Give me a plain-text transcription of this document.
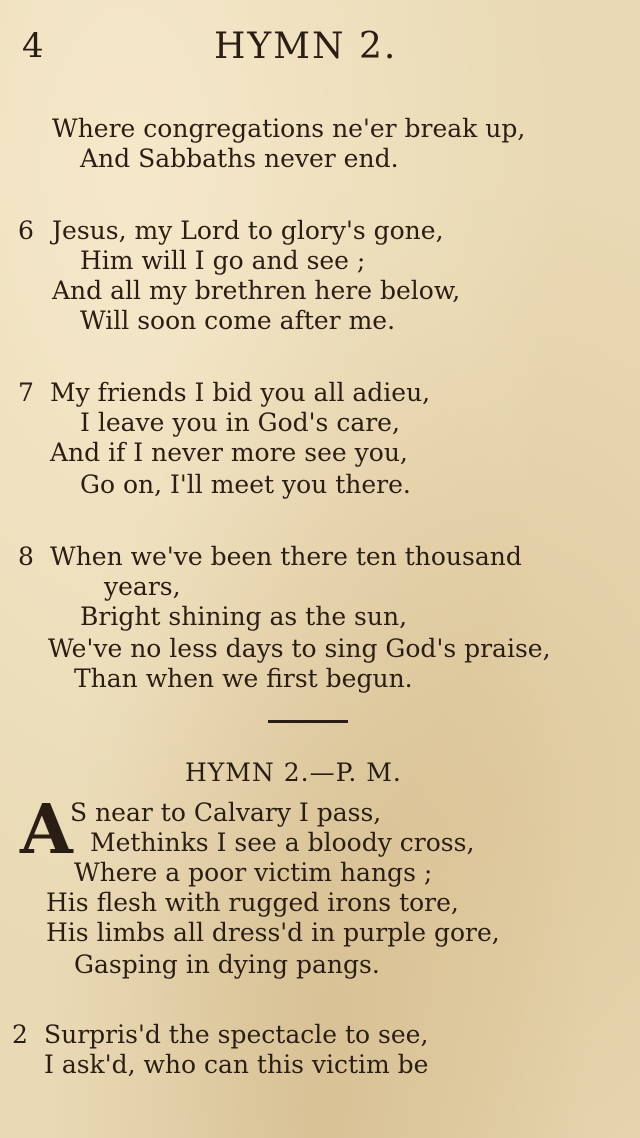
4	HYMN 2.
Where congregations ne'er break up,
And Sabbaths never end.
6 Jesus, my Lord to glory's gone,
Him will I go and see ;
And all my brethren here below,
Will soon come after me.
7 My friends I bid you all adieu,
I leave you in God's care,
And if I never more see you,
Go on, I'll meet you there.
8 When we've been there ten thousand
years,
Bright shining as the sun,
We've no less days to sing God's praise,
Than when we first begun.
HYMN 2.—P. M.
A
S near to Calvary I pass,
Methinks I see a bloody cross,
Where a poor victim hangs ;
His flesh with rugged irons tore,
His limbs all dress'd in purple gore,
Gasping in dying pangs.
2 Surpris'd the spectacle to see,
I ask'd, who can this victim be
